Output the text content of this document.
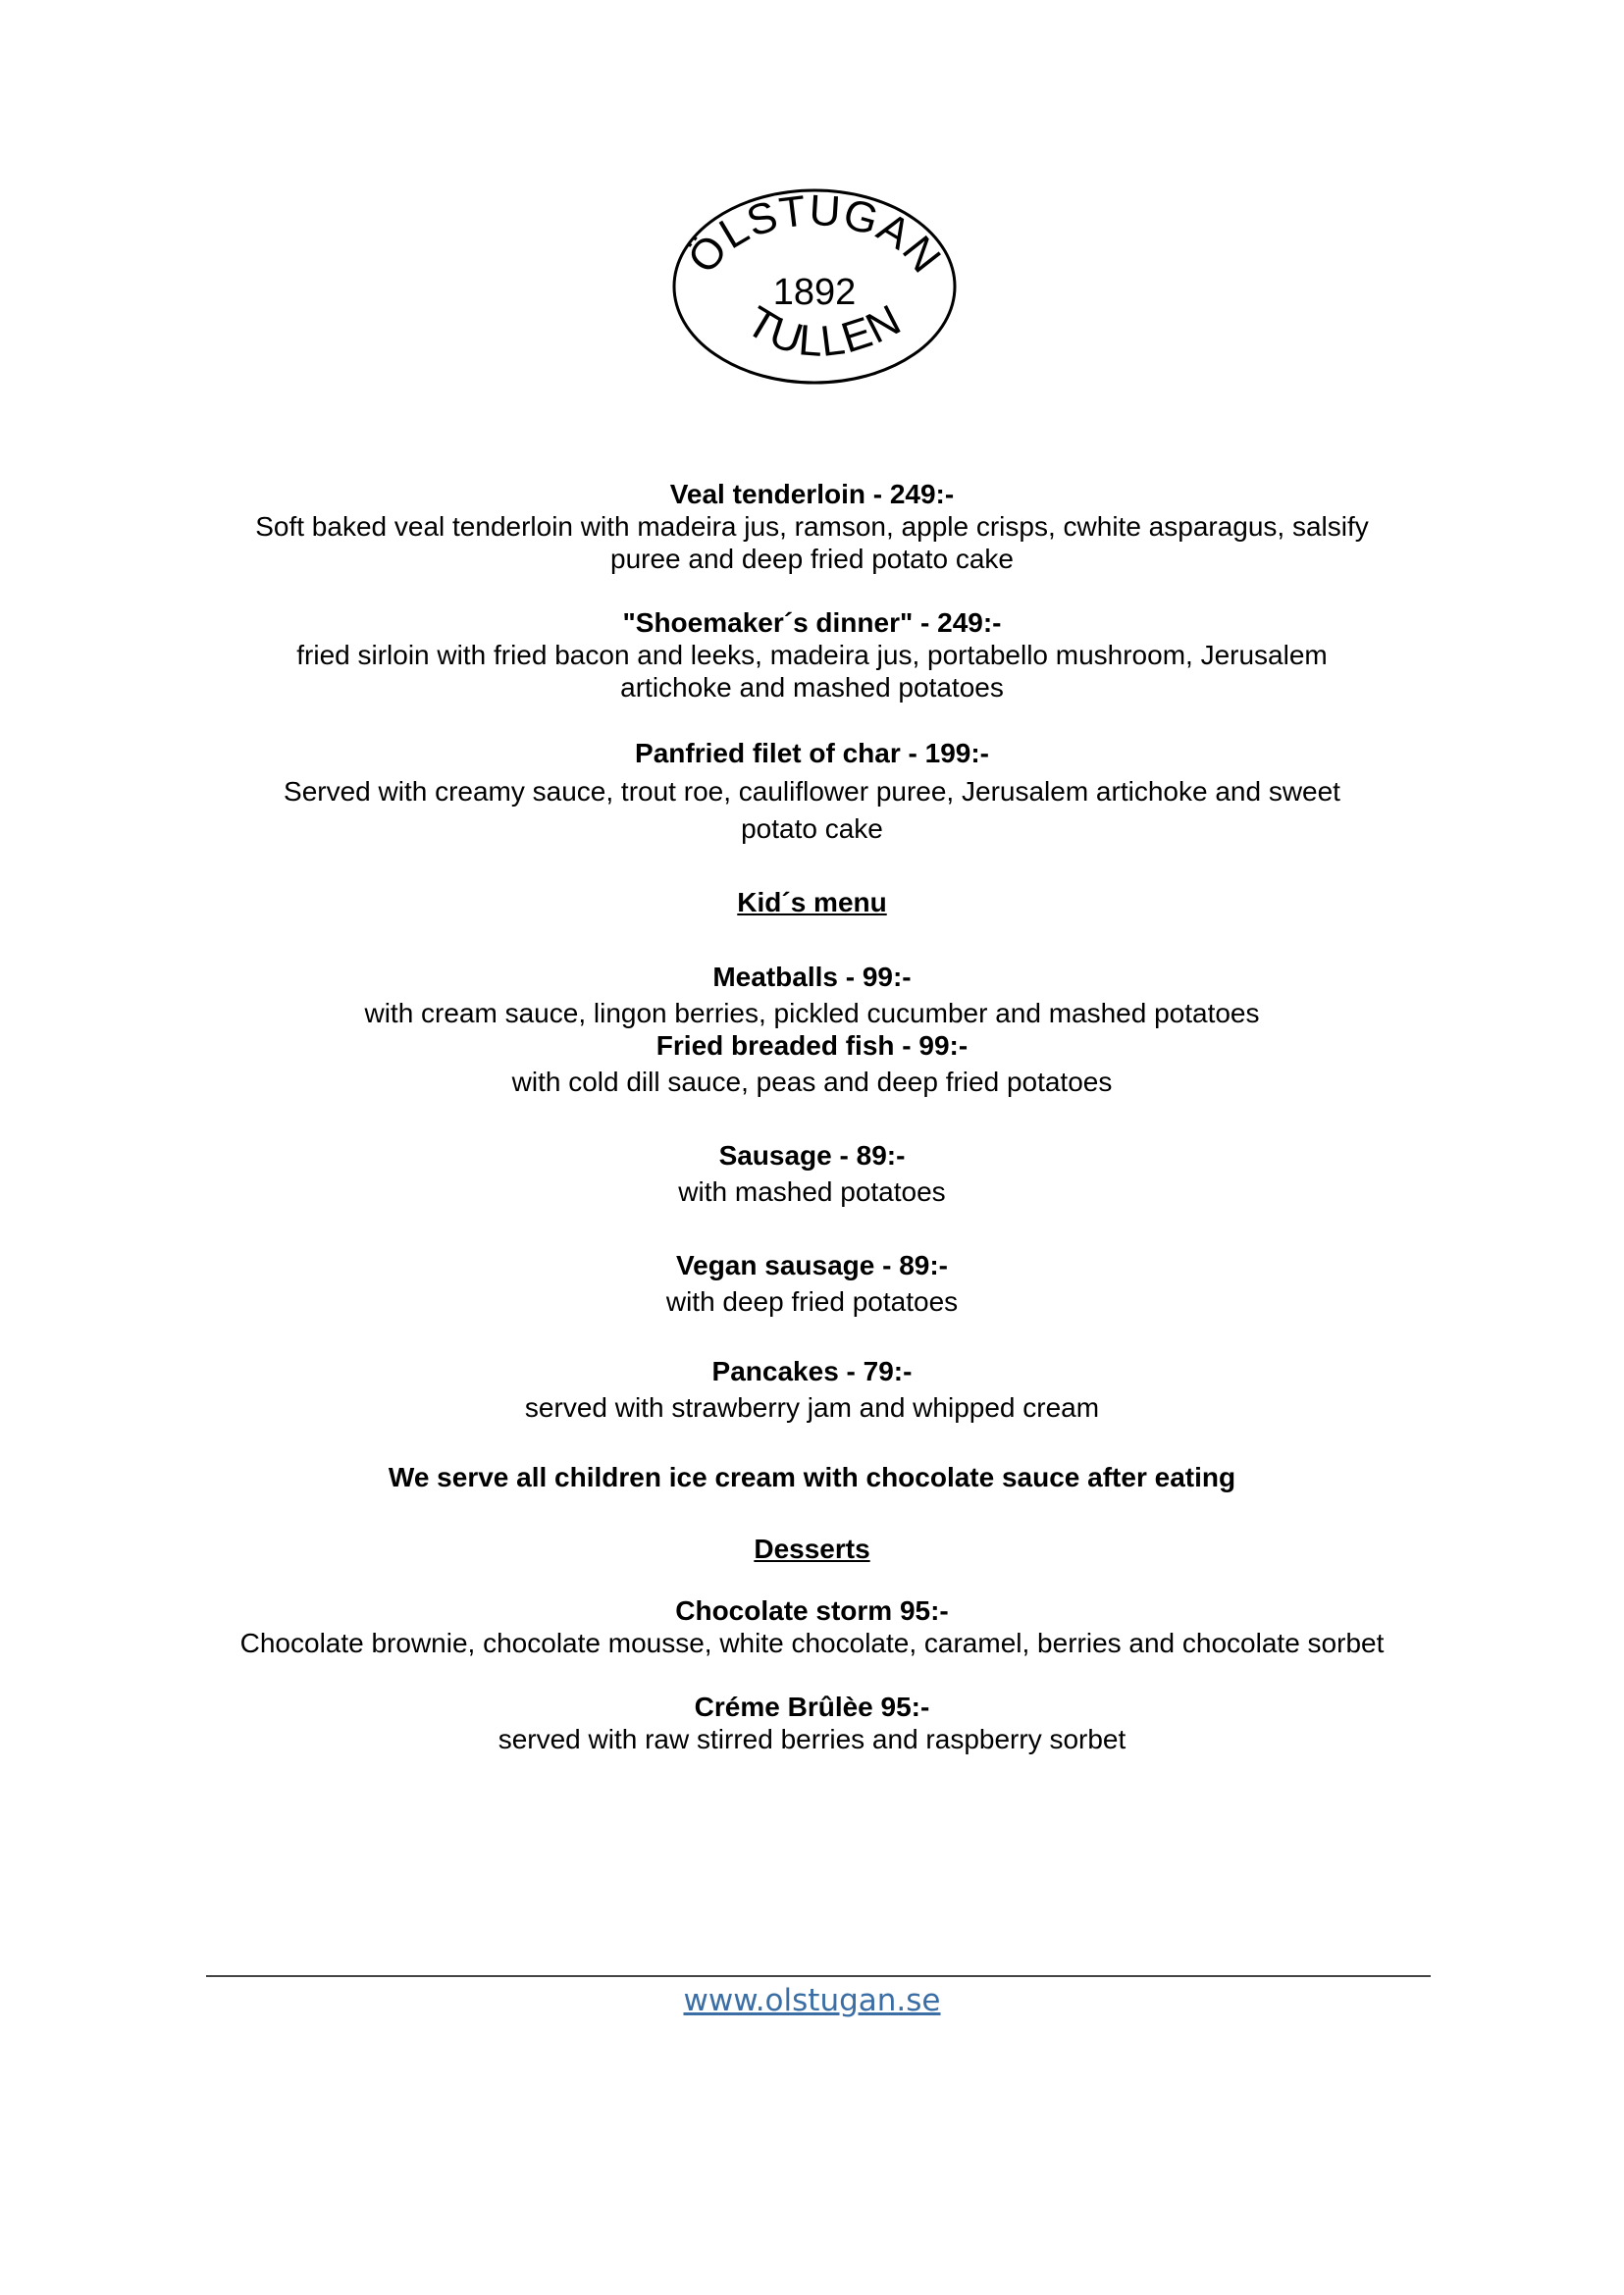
ÖLSTUGAN
1892
TULLEN

Veal tenderloin - 249:-

Soft baked veal tenderloin with madeira jus, ramson, apple crisps, cwhite asparagus, salsify

puree and deep fried potato cake

"Shoemaker´s dinner" - 249:-

fried sirloin with fried bacon and leeks, madeira jus, portabello mushroom, Jerusalem

artichoke and mashed potatoes

Panfried filet of char - 199:-

Served with creamy sauce, trout roe, cauliflower puree, Jerusalem artichoke and sweet

potato cake

Kid´s menu

Meatballs - 99:-

with cream sauce, lingon berries, pickled cucumber and mashed potatoes

Fried breaded fish - 99:-

with cold dill sauce, peas and deep fried potatoes

Sausage - 89:-

with mashed potatoes

Vegan sausage - 89:-

with deep fried potatoes

Pancakes - 79:-

served with strawberry jam and whipped cream

We serve all children ice cream with chocolate sauce after eating

Desserts

Chocolate storm 95:-

Chocolate brownie, chocolate mousse, white chocolate, caramel, berries and chocolate sorbet

Créme Brûlèe 95:-

served with raw stirred berries and raspberry sorbet

www.olstugan.se
